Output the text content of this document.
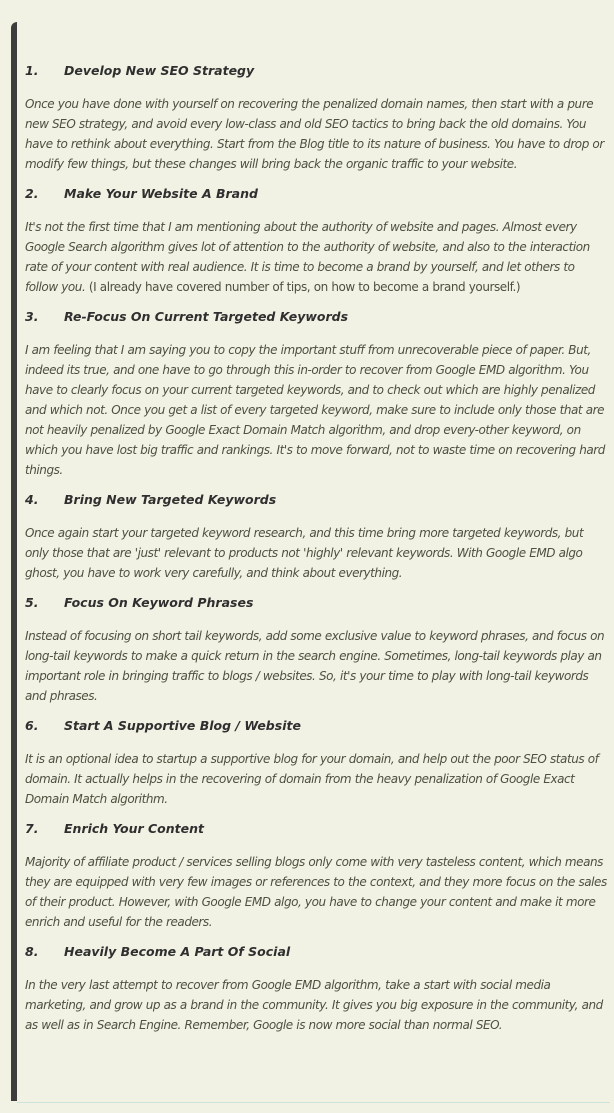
1.	Develop New SEO Strategy

Once you have done with yourself on recovering the penalized domain names, then start with a pure new SEO strategy, and avoid every low-class and old SEO tactics to bring back the old domains. You have to rethink about everything. Start from the Blog title to its nature of business. You have to drop or modify few things, but these changes will bring back the organic traffic to your website.

2.	Make Your Website A Brand

It's not the first time that I am mentioning about the authority of website and pages. Almost every Google Search algorithm gives lot of attention to the authority of website, and also to the interaction rate of your content with real audience. It is time to become a brand by yourself, and let others to follow you. (I already have covered number of tips, on how to become a brand yourself.)

3.	Re-Focus On Current Targeted Keywords

I am feeling that I am saying you to copy the important stuff from unrecoverable piece of paper. But, indeed its true, and one have to go through this in-order to recover from Google EMD algorithm. You have to clearly focus on your current targeted keywords, and to check out which are highly penalized and which not. Once you get a list of every targeted keyword, make sure to include only those that are not heavily penalized by Google Exact Domain Match algorithm, and drop every-other keyword, on which you have lost big traffic and rankings. It's to move forward, not to waste time on recovering hard things.

4.	Bring New Targeted Keywords

Once again start your targeted keyword research, and this time bring more targeted keywords, but only those that are 'just' relevant to products not 'highly' relevant keywords. With Google EMD algo ghost, you have to work very carefully, and think about everything.

5.	Focus On Keyword Phrases

Instead of focusing on short tail keywords, add some exclusive value to keyword phrases, and focus on long-tail keywords to make a quick return in the search engine. Sometimes, long-tail keywords play an important role in bringing traffic to blogs / websites. So, it's your time to play with long-tail keywords and phrases.

6.	Start A Supportive Blog / Website

It is an optional idea to startup a supportive blog for your domain, and help out the poor SEO status of domain. It actually helps in the recovering of domain from the heavy penalization of Google Exact Domain Match algorithm.

7.	Enrich Your Content

Majority of affiliate product / services selling blogs only come with very tasteless content, which means they are equipped with very few images or references to the context, and they more focus on the sales of their product. However, with Google EMD algo, you have to change your content and make it more enrich and useful for the readers.

8.	Heavily Become A Part Of Social

In the very last attempt to recover from Google EMD algorithm, take a start with social media marketing, and grow up as a brand in the community. It gives you big exposure in the community, and as well as in Search Engine. Remember, Google is now more social than normal SEO.
